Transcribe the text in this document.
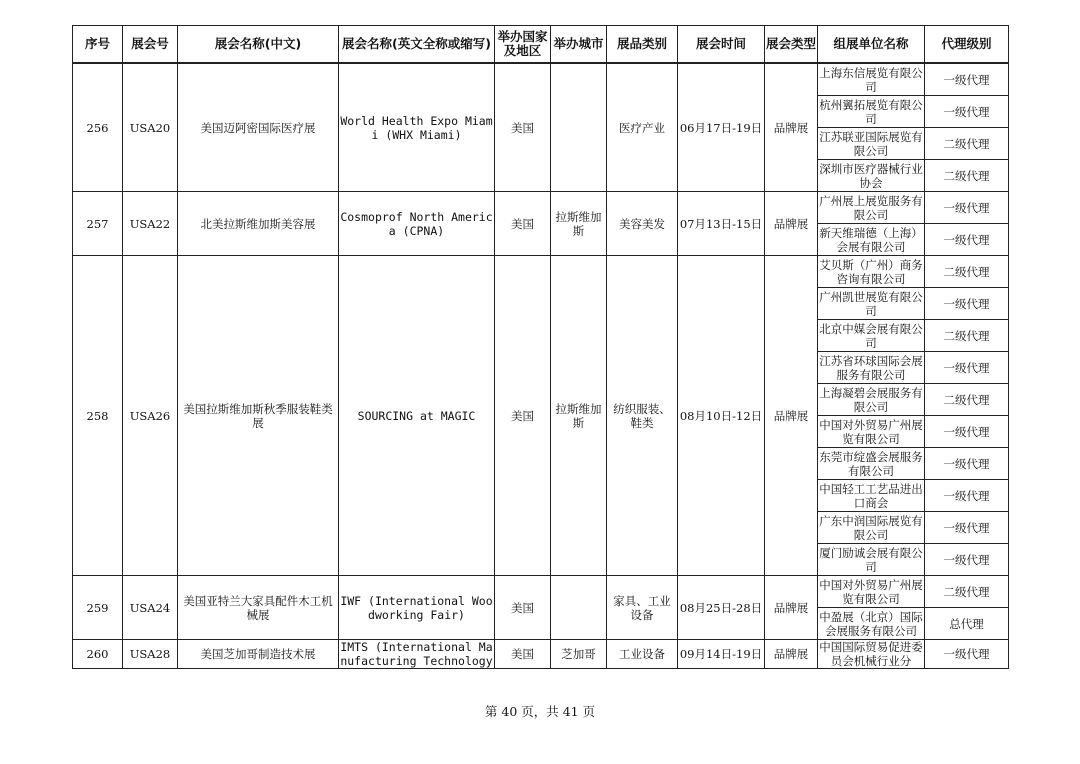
序号	展会号	展会名称(中文)	展会名称(英文全称或缩写)	举办国家及地区	举办城市	展品类别	展会时间	展会类型	组展单位名称	代理级别
256	USA20	美国迈阿密国际医疗展	World Health Expo Miami (WHX Miami)	美国		医疗产业	06月17日-19日	品牌展	上海东信展览有限公司	一级代理
									杭州翼拓展览有限公司	一级代理
									江苏联亚国际展览有限公司	二级代理
									深圳市医疗器械行业协会	二级代理
257	USA22	北美拉斯维加斯美容展	Cosmoprof North America (CPNA)	美国	拉斯维加斯	美容美发	07月13日-15日	品牌展	广州展上展览服务有限公司	一级代理
									新天维瑞德（上海）会展有限公司	一级代理
258	USA26	美国拉斯维加斯秋季服装鞋类展	SOURCING at MAGIC	美国	拉斯维加斯	纺织服装、鞋类	08月10日-12日	品牌展	艾贝斯（广州）商务咨询有限公司	二级代理
									广州凯世展览有限公司	一级代理
									北京中媒会展有限公司	二级代理
									江苏省环球国际会展服务有限公司	一级代理
									上海凝碧会展服务有限公司	二级代理
									中国对外贸易广州展览有限公司	一级代理
									东莞市绽盛会展服务有限公司	一级代理
									中国轻工工艺品进出口商会	一级代理
									广东中润国际展览有限公司	一级代理
									厦门励诚会展有限公司	一级代理
259	USA24	美国亚特兰大家具配件木工机械展	IWF (International Woodworking Fair)	美国		家具、工业设备	08月25日-28日	品牌展	中国对外贸易广州展览有限公司	二级代理
									中盈展（北京）国际会展服务有限公司	总代理
260	USA28	美国芝加哥制造技术展	IMTS (International Manufacturing Technology	美国	芝加哥	工业设备	09月14日-19日	品牌展	中国国际贸易促进委员会机械行业分	一级代理
第 40 页，共 41 页
